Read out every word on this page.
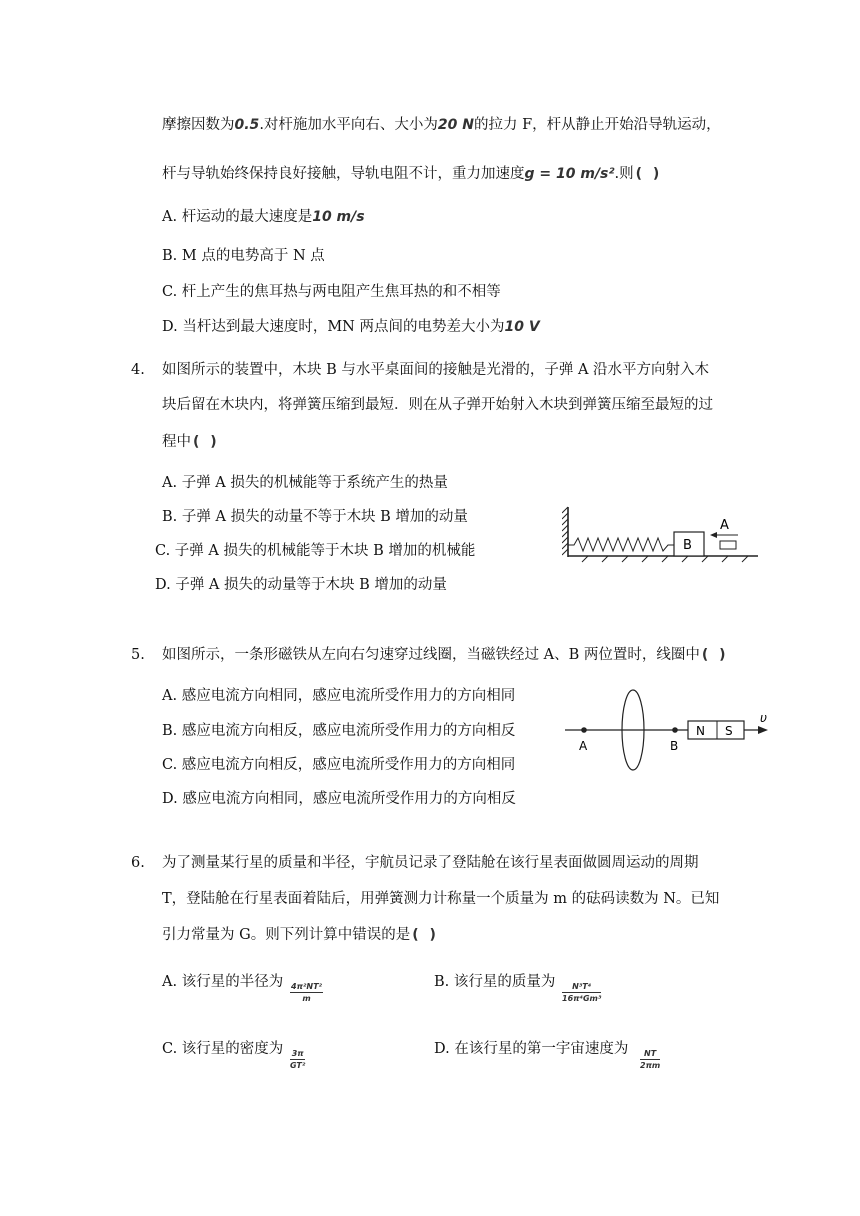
摩擦因数为0.5.对杆施加水平向右、大小为20 N的拉力 F，杆从静止开始沿导轨运动，
杆与导轨始终保持良好接触，导轨电阻不计，重力加速度g = 10 m/s².则 ( )
A. 杆运动的最大速度是10 m/s
B. M 点的电势高于 N 点
C. 杆上产生的焦耳热与两电阻产生焦耳热的和不相等
D. 当杆达到最大速度时，MN 两点间的电势差大小为10 V
4. 如图所示的装置中，木块 B 与水平桌面间的接触是光滑的，子弹 A 沿水平方向射入木
块后留在木块内，将弹簧压缩到最短．则在从子弹开始射入木块到弹簧压缩至最短的过
程中 ( )
A. 子弹 A 损失的机械能等于系统产生的热量
B. 子弹 A 损失的动量不等于木块 B 增加的动量
C. 子弹 A 损失的机械能等于木块 B 增加的机械能
D. 子弹 A 损失的动量等于木块 B 增加的动量
B
A
5. 如图所示，一条形磁铁从左向右匀速穿过线圈，当磁铁经过 A、B 两位置时，线圈中 ( )
A. 感应电流方向相同，感应电流所受作用力的方向相同
B. 感应电流方向相反，感应电流所受作用力的方向相反
C. 感应电流方向相反，感应电流所受作用力的方向相同
D. 感应电流方向相同，感应电流所受作用力的方向相反
A	B
N S
υ
6. 为了测量某行星的质量和半径，宇航员记录了登陆舱在该行星表面做圆周运动的周期
T，登陆舱在行星表面着陆后，用弹簧测力计称量一个质量为 m 的砝码读数为 N。已知
引力常量为 G。则下列计算中错误的是 ( )
A. 该行星的半径为 $\frac{\text{4π²NT²}}{m}$	B. 该行星的质量为 $\frac{\text{N³T⁴}}{\text{16π⁴Gm³}}$
C. 该行星的密度为 $\frac{3\pi}{\text{GT²}}$	D. 在该行星的第一宇宙速度为 $\frac{NT}{2\pi m}$
